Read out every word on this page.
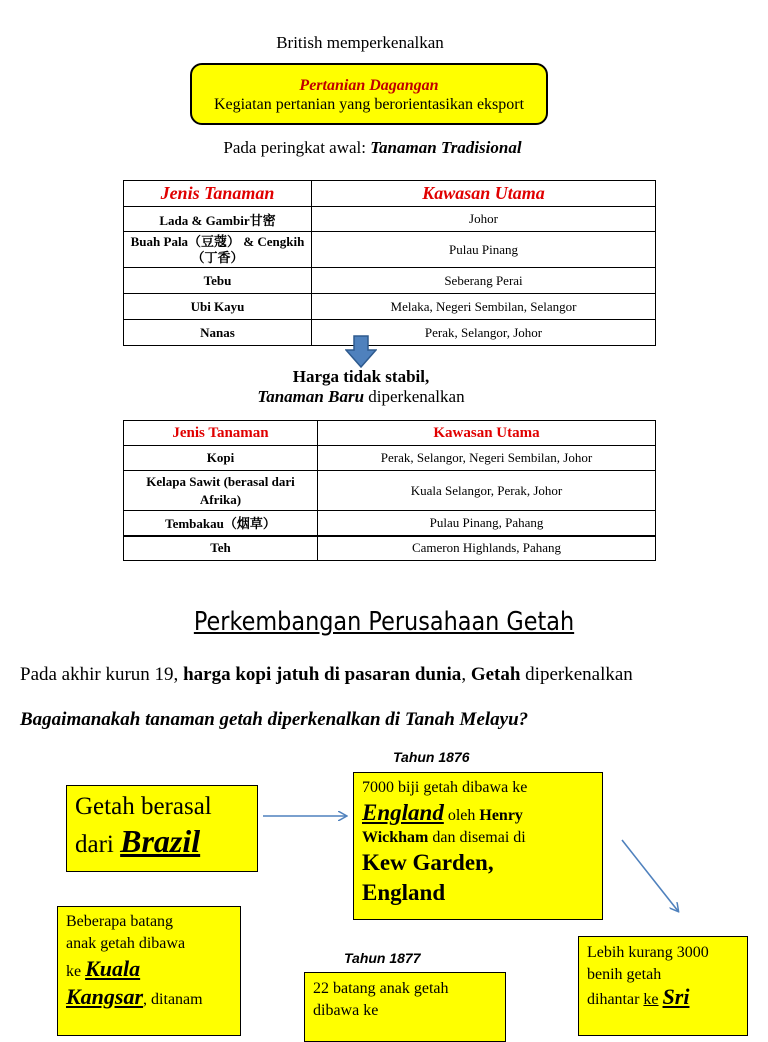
British memperkenalkan
Pertanian Dagangan
Kegiatan pertanian yang berorientasikan eksport
Pada peringkat awal: Tanaman Tradisional
Jenis Tanaman	Kawasan Utama
Lada & Gambir甘密	Johor
Buah Pala（豆蔻） & Cengkih（丁香）	Pulau Pinang
Tebu	Seberang Perai
Ubi Kayu	Melaka, Negeri Sembilan, Selangor
Nanas	Perak, Selangor, Johor
Harga tidak stabil,
Tanaman Baru diperkenalkan
Jenis Tanaman	Kawasan Utama
Kopi	Perak, Selangor, Negeri Sembilan, Johor
Kelapa Sawit (berasal dari Afrika)	Kuala Selangor, Perak, Johor
Tembakau（烟草）	Pulau Pinang, Pahang
Teh	Cameron Highlands, Pahang
Perkembangan Perusahaan Getah
Pada akhir kurun 19, harga kopi jatuh di pasaran dunia, Getah diperkenalkan
Bagaimanakah tanaman getah diperkenalkan di Tanah Melayu?
Tahun 1876
Tahun 1877
Getah berasal
dari Brazil
7000 biji getah dibawa ke
England oleh Henry
Wickham dan disemai di
Kew Garden,
England
Beberapa batang
anak getah dibawa
ke Kuala
Kangsar, ditanam
22 batang anak getah
dibawa ke
Lebih kurang 3000
benih getah
dihantar ke Sri
